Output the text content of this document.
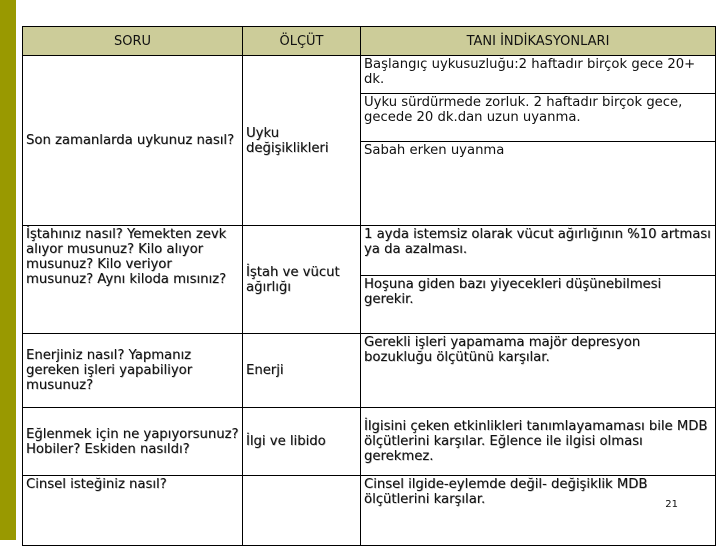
SORU	ÖLÇÜT	TANI İNDİKASYONLARI
Son zamanlarda uykunuz nasıl?	Uyku değişiklikleri	Başlangıç uykusuzluğu:2 haftadır birçok gece 20+ dk.
		Uyku sürdürmede zorluk. 2 haftadır birçok gece, gecede 20 dk.dan uzun uyanma.
		Sabah erken uyanma
İştahınız nasıl? Yemekten zevk alıyor musunuz? Kilo alıyor musunuz? Kilo veriyor musunuz? Aynı kiloda mısınız?	İştah ve vücut ağırlığı	1 ayda istemsiz olarak vücut ağırlığının %10 artması ya da azalması.
		Hoşuna giden bazı yiyecekleri düşünebilmesi gerekir.
Enerjiniz nasıl? Yapmanız gereken işleri yapabiliyor musunuz?	Enerji	Gerekli işleri yapamama majör depresyon bozukluğu ölçütünü karşılar.
Eğlenmek için ne yapıyorsunuz? Hobiler? Eskiden nasıldı?	İlgi ve libido	İlgisini çeken etkinlikleri tanımlayamaması bile MDB ölçütlerini karşılar. Eğlence ile ilgisi olması gerekmez.
Cinsel isteğiniz nasıl?		Cinsel ilgide-eylemde değil- değişiklik MDB ölçütlerini karşılar.	21
